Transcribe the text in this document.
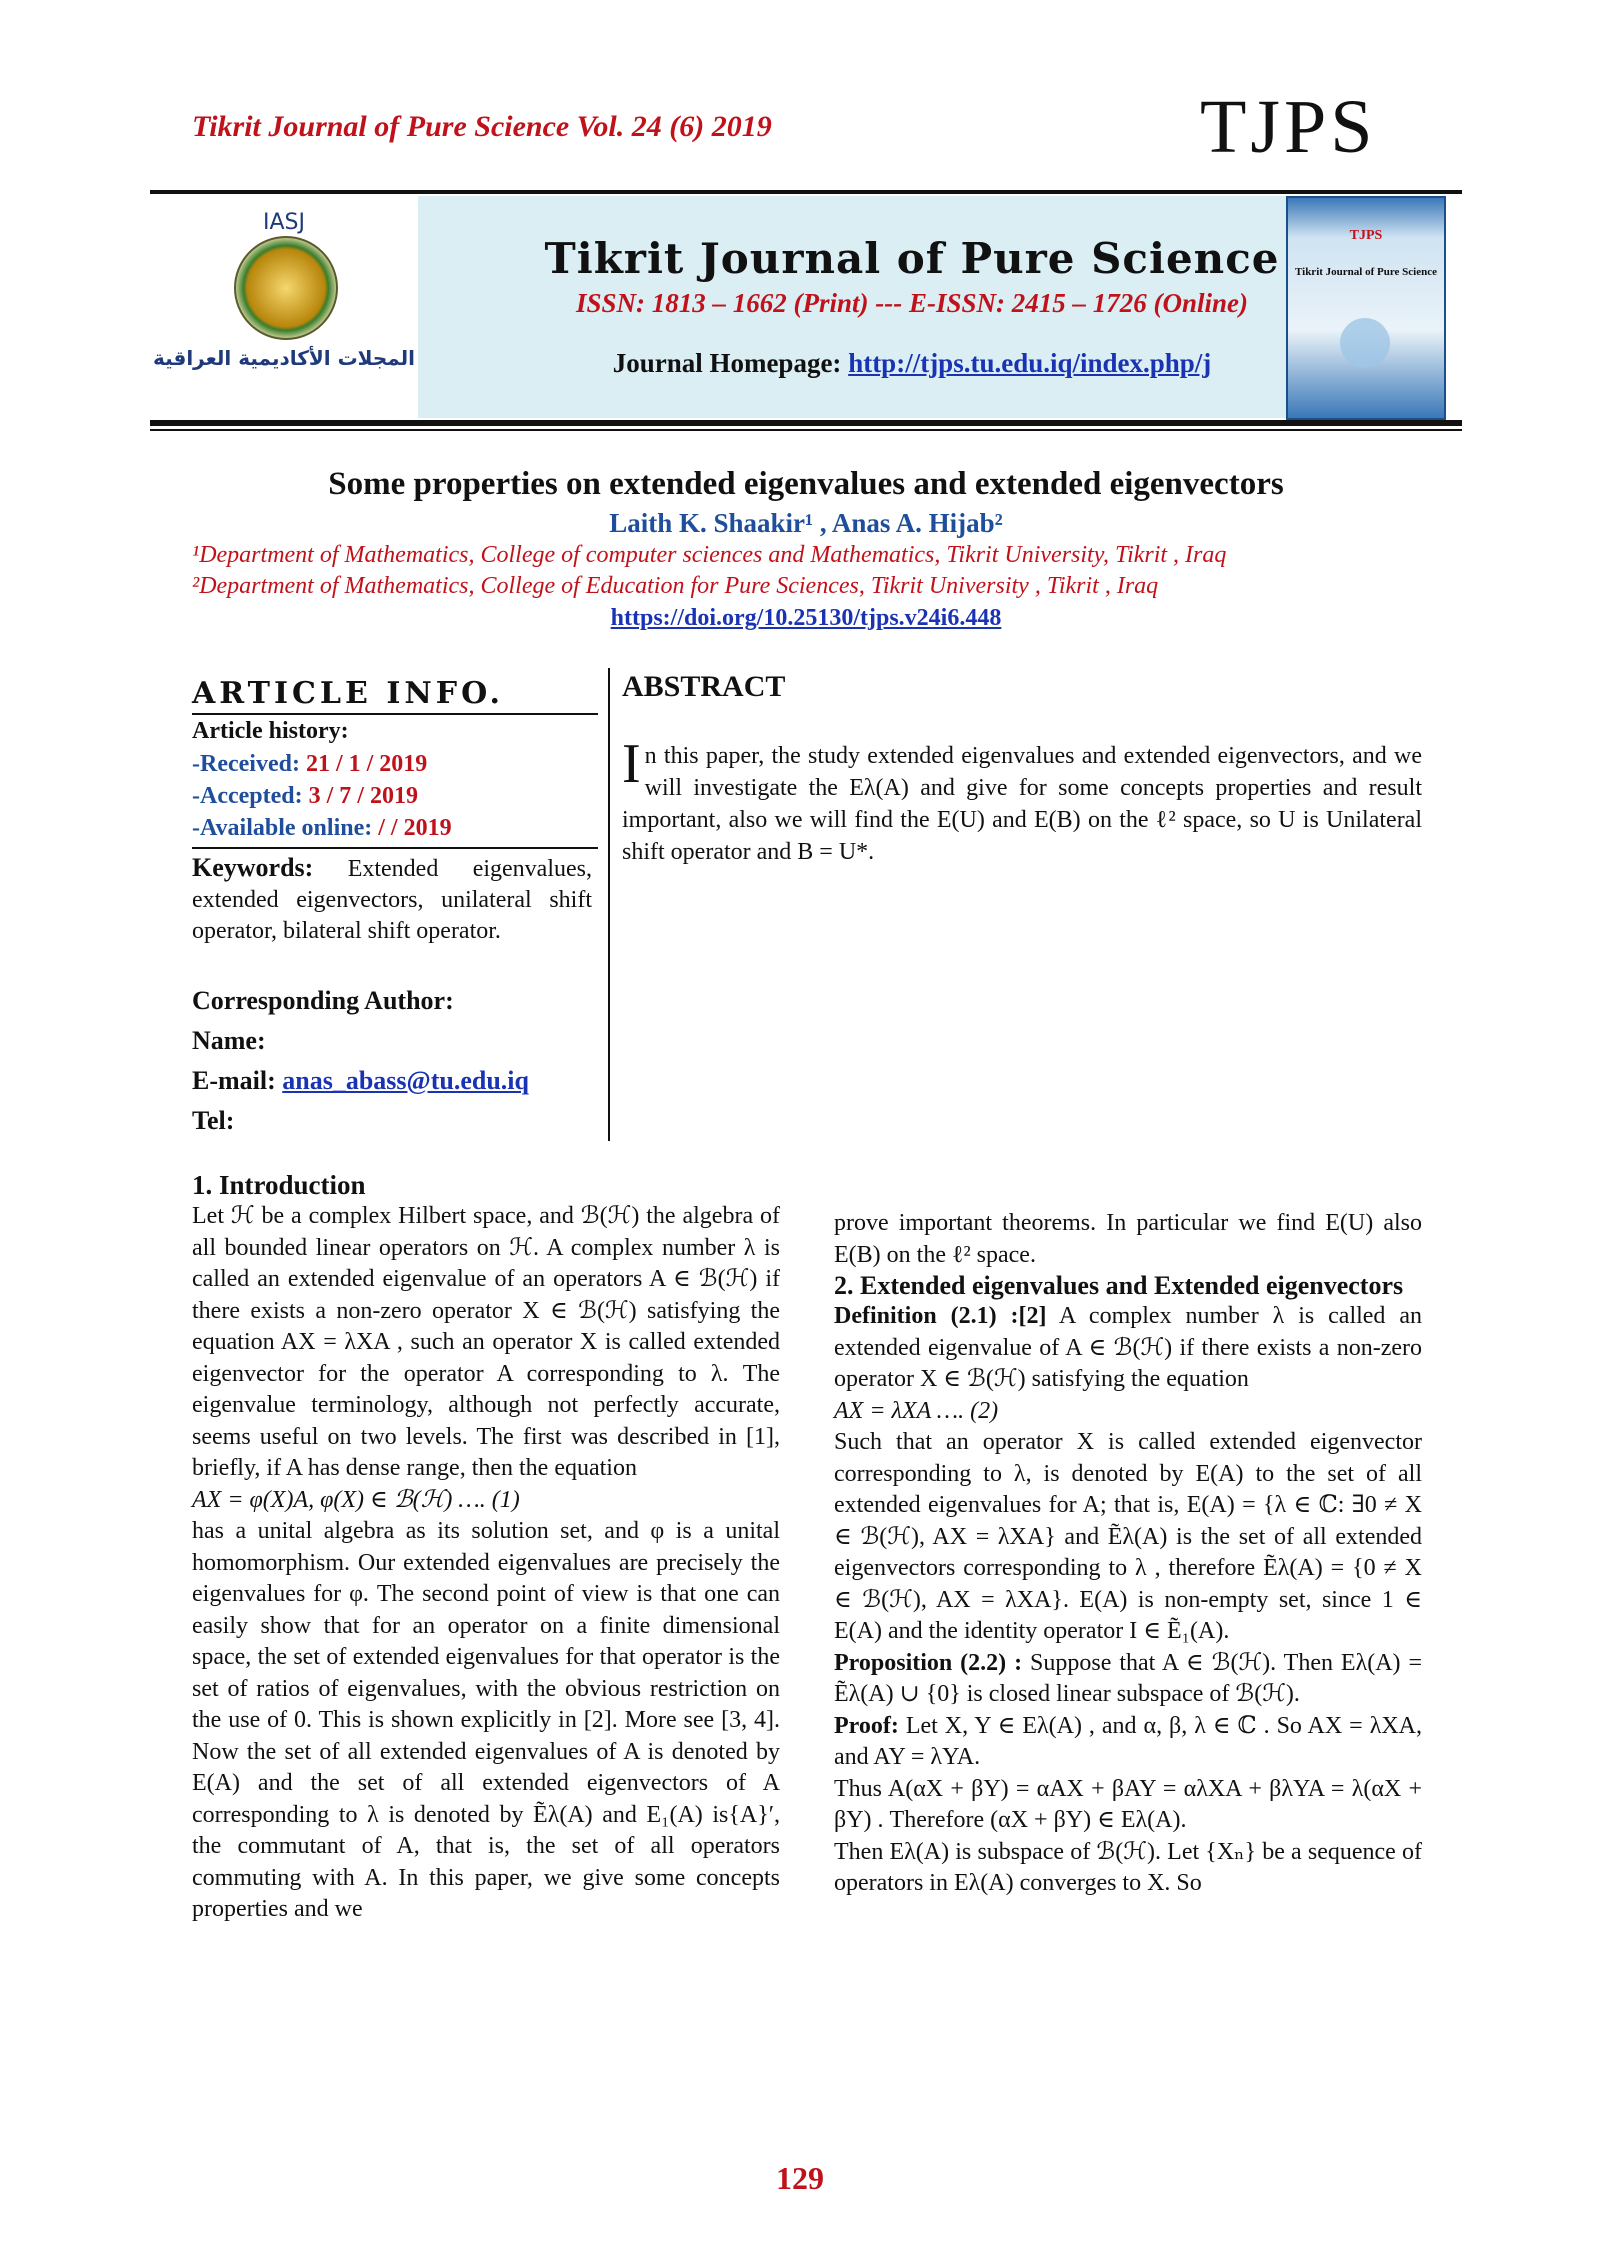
Tikrit Journal of Pure Science Vol. 24 (6) 2019	TJPS
IASJ
المجلات الأكاديمية العراقية
Tikrit Journal of Pure Science
ISSN: 1813 – 1662 (Print) --- E-ISSN: 2415 – 1726 (Online)
Journal Homepage: http://tjps.tu.edu.iq/index.php/j
TJPS
Tikrit Journal of Pure Science
Some properties on extended eigenvalues and extended eigenvectors
Laith K. Shaakir¹ , Anas A. Hijab²
¹Department of Mathematics, College of computer sciences and Mathematics, Tikrit University, Tikrit , Iraq
²Department of Mathematics, College of Education for Pure Sciences, Tikrit University , Tikrit , Iraq
https://doi.org/10.25130/tjps.v24i6.448
ARTICLE INFO.
Article history:
-Received: 21 / 1 / 2019
-Accepted: 3 / 7 / 2019
-Available online: / / 2019
Keywords: Extended eigenvalues, extended eigenvectors, unilateral shift operator, bilateral shift operator.
Corresponding Author:
Name:
E-mail: anas_abass@tu.edu.iq
Tel:
ABSTRACT
In this paper, the study extended eigenvalues and extended eigenvectors, and we will investigate the Eλ(A) and give for some concepts properties and result important, also we will find the E(U) and E(B) on the ℓ² space, so U is Unilateral shift operator and B = U*.

1. Introduction

Let ℋ be a complex Hilbert space, and ℬ(ℋ) the algebra of all bounded linear operators on ℋ. A complex number λ is called an extended eigenvalue of an operators A ∈ ℬ(ℋ) if there exists a non-zero operator X ∈ ℬ(ℋ) satisfying the equation AX = λXA , such an operator X is called extended eigenvector for the operator A corresponding to λ. The eigenvalue terminology, although not perfectly accurate, seems useful on two levels. The first was described in [1], briefly, if A has dense range, then the equation

AX = φ(X)A, φ(X) ∈ ℬ(ℋ) …. (1)

has a unital algebra as its solution set, and φ is a unital homomorphism. Our extended eigenvalues are precisely the eigenvalues for φ. The second point of view is that one can easily show that for an operator on a finite dimensional space, the set of extended eigenvalues for that operator is the set of ratios of eigenvalues, with the obvious restriction on the use of 0. This is shown explicitly in [2]. More see [3, 4]. Now the set of all extended eigenvalues of A is denoted by E(A) and the set of all extended eigenvectors of A corresponding to λ is denoted by Ẽλ(A) and E₁(A) is{A}′, the commutant of A, that is, the set of all operators commuting with A. In this paper, we give some concepts properties and we

prove important theorems. In particular we find E(U) also E(B) on the ℓ² space.

2. Extended eigenvalues and Extended eigenvectors

Definition (2.1) :[2] A complex number λ is called an extended eigenvalue of A ∈ ℬ(ℋ) if there exists a non-zero operator X ∈ ℬ(ℋ) satisfying the equation

AX = λXA …. (2)

Such that an operator X is called extended eigenvector corresponding to λ, is denoted by E(A) to the set of all extended eigenvalues for A; that is, E(A) = {λ ∈ ℂ: ∃0 ≠ X ∈ ℬ(ℋ), AX = λXA} and Ẽλ(A) is the set of all extended eigenvectors corresponding to λ , therefore Ẽλ(A) = {0 ≠ X ∈ ℬ(ℋ), AX = λXA}. E(A) is non-empty set, since 1 ∈ E(A) and the identity operator I ∈ Ẽ₁(A).

Proposition (2.2) : Suppose that A ∈ ℬ(ℋ). Then Eλ(A) = Ẽλ(A) ∪ {0} is closed linear subspace of ℬ(ℋ).

Proof: Let X, Y ∈ Eλ(A) , and α, β, λ ∈ ℂ . So AX = λXA, and AY = λYA.

Thus A(αX + βY) = αAX + βAY = αλXA + βλYA = λ(αX + βY) . Therefore (αX + βY) ∈ Eλ(A).

Then Eλ(A) is subspace of ℬ(ℋ). Let {Xₙ} be a sequence of operators in Eλ(A) converges to X. So

129
